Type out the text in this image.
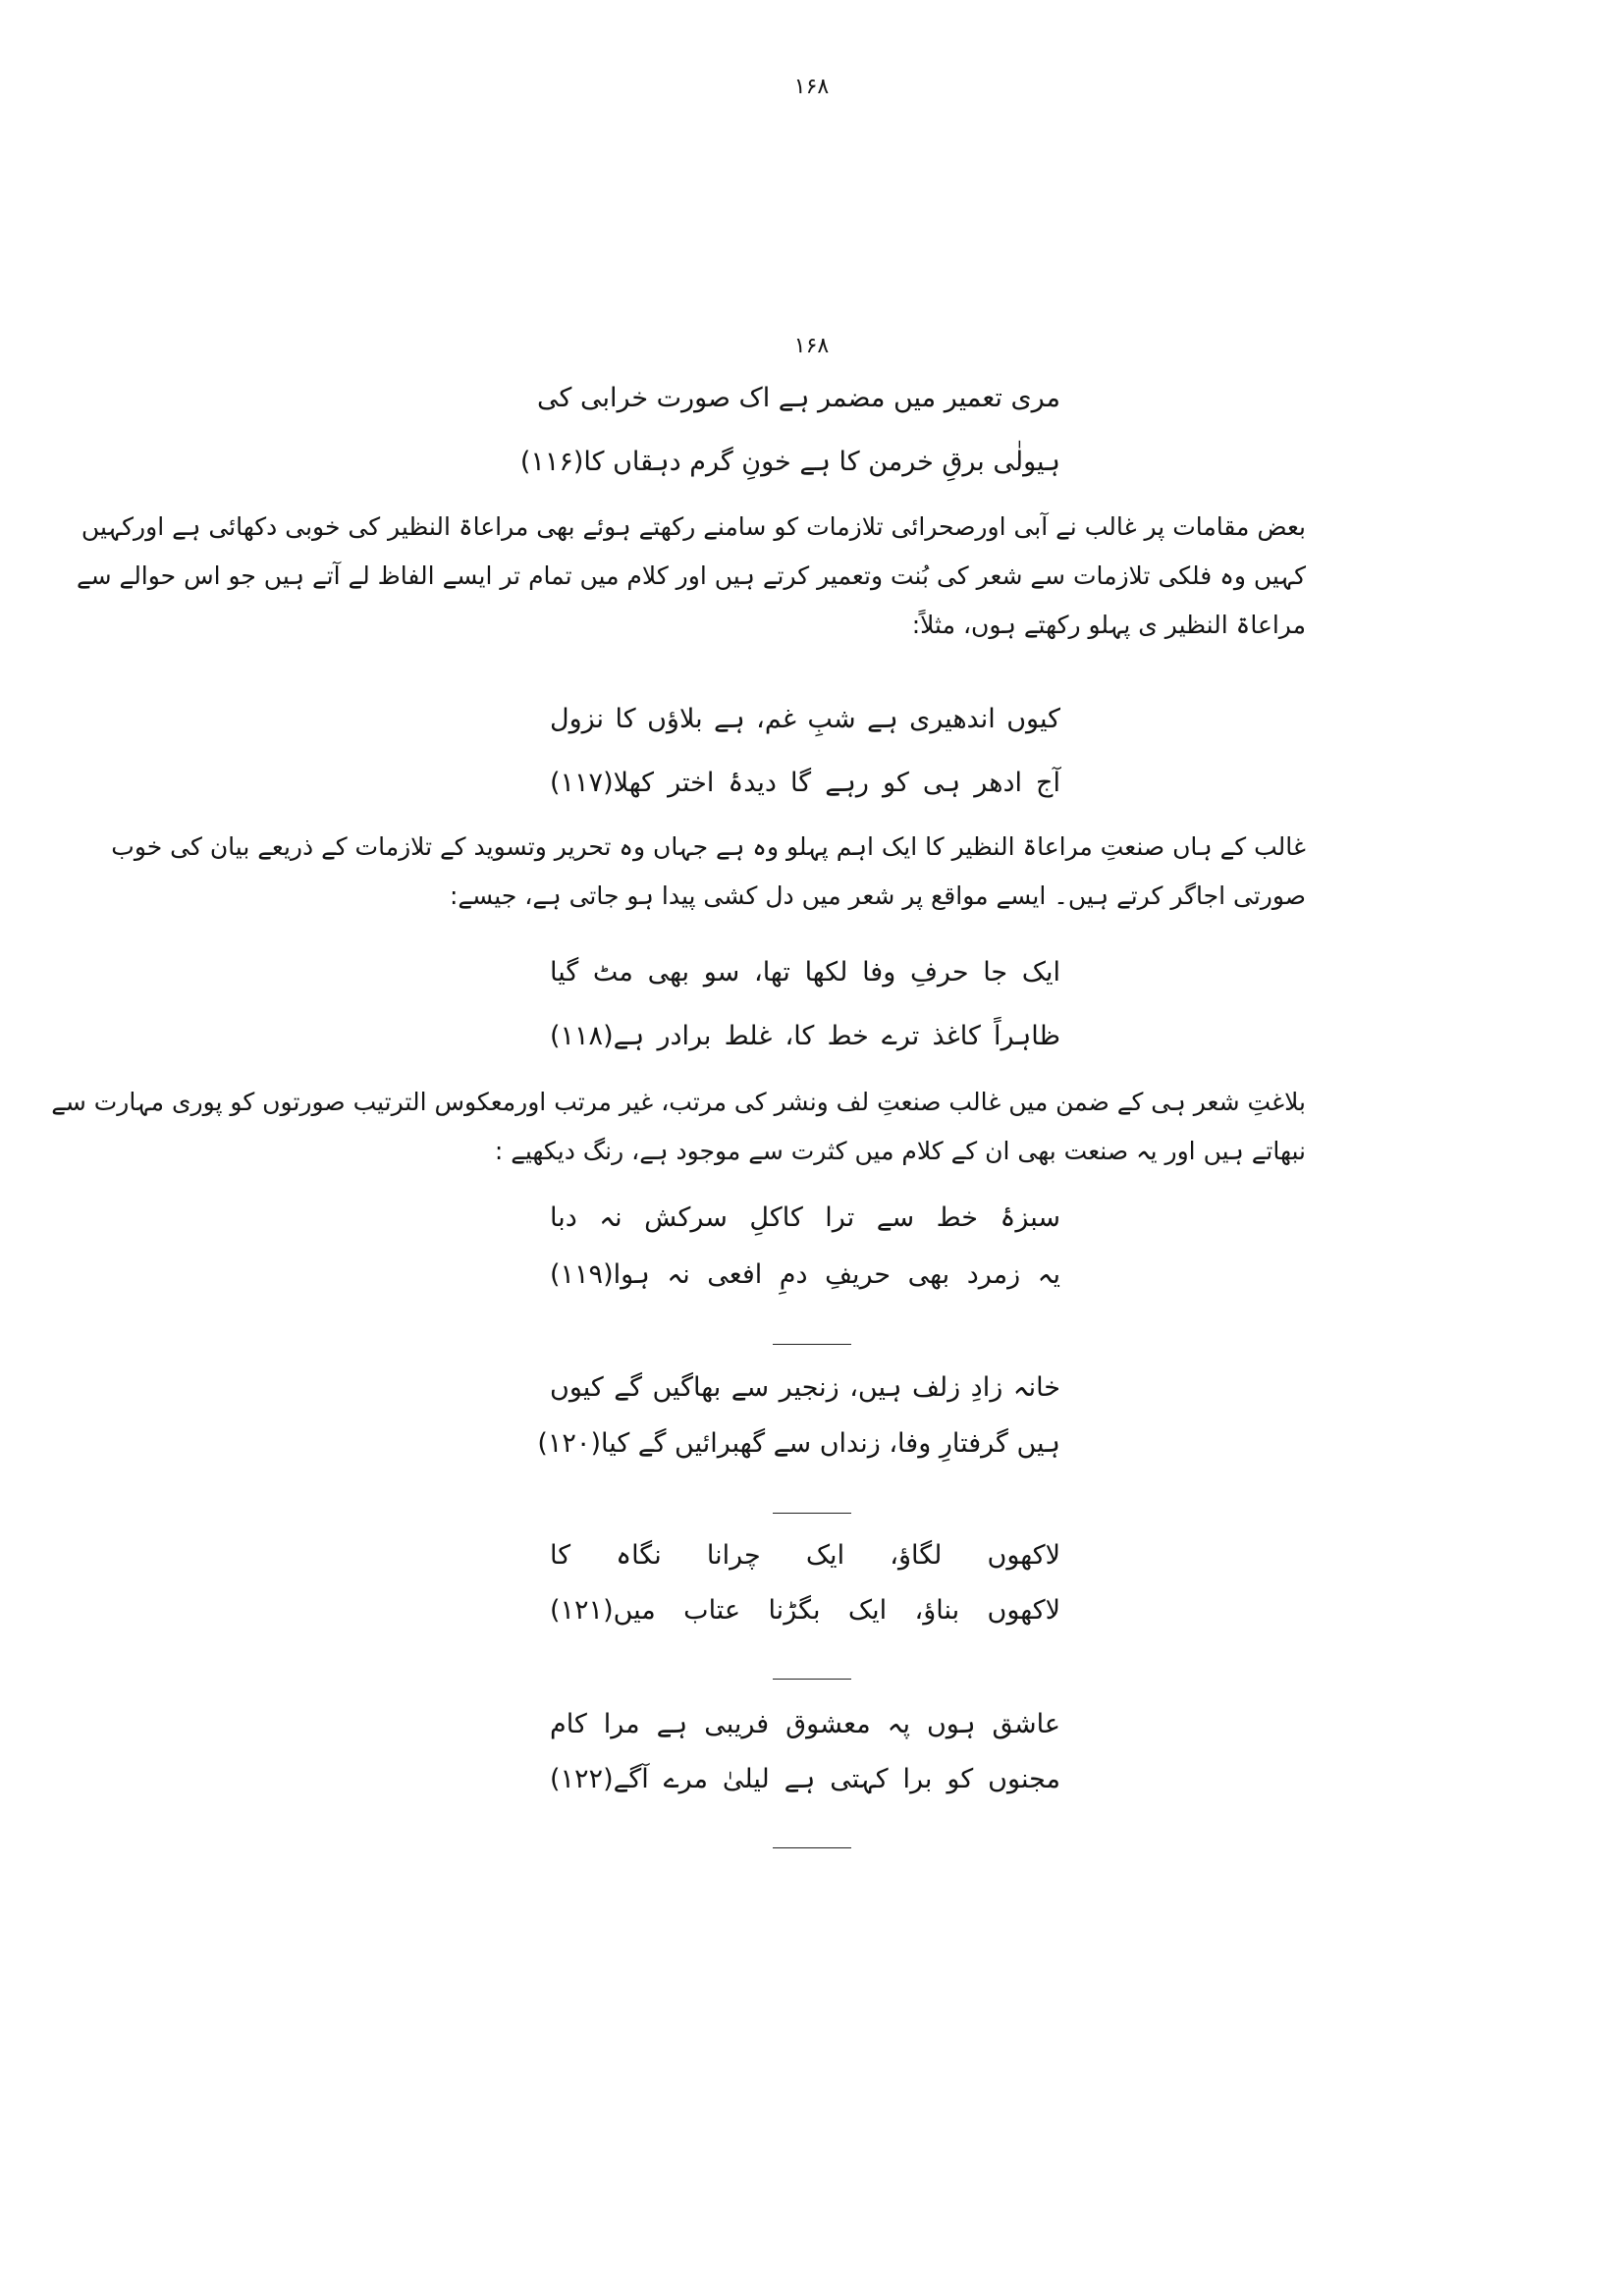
۱۶۸
۱۶۸
مری تعمیر میں مضمر ہے اک صورت خرابی کی
ہیولٰی برقِ خرمن کا ہے خونِ گرم دہقاں کا(۱۱۶)
بعض مقامات پر غالب نے آبی اورصحرائی تلازمات کو سامنے رکھتے ہوئے بھی مراعاۃ النظیر کی خوبی دکھائی ہے اورکہیں
کہیں وہ فلکی تلازمات سے شعر کی بُنت وتعمیر کرتے ہیں اور کلام میں تمام تر ایسے الفاظ لے آتے ہیں جو اس حوالے سے
مراعاۃ النظیر ی پہلو رکھتے ہوں، مثلاً:
کیوں اندھیری ہے شبِ غم، ہے بلاؤں کا نزول
آج ادھر ہی کو رہے گا دیدۂ اختر کھلا(۱۱۷)
غالب کے ہاں صنعتِ مراعاۃ النظیر کا ایک اہم پہلو وہ ہے جہاں وہ تحریر وتسوید کے تلازمات کے ذریعے بیان کی خوب
صورتی اجاگر کرتے ہیں۔ ایسے مواقع پر شعر میں دل کشی پیدا ہو جاتی ہے، جیسے:
ایک جا حرفِ وفا لکھا تھا، سو بھی مٹ گیا
ظاہراً کاغذ ترے خط کا، غلط برادر ہے(۱۱۸)
بلاغتِ شعر ہی کے ضمن میں غالب صنعتِ لف ونشر کی مرتب، غیر مرتب اورمعکوس الترتیب صورتوں کو پوری مہارت سے
نبھاتے ہیں اور یہ صنعت بھی ان کے کلام میں کثرت سے موجود ہے، رنگ دیکھیے :
سبزۂ خط سے ترا کاکلِ سرکش نہ دبا
یہ زمرد بھی حریفِ دمِ افعی نہ ہوا(۱۱۹)
خانہ زادِ زلف ہیں، زنجیر سے بھاگیں گے کیوں
ہیں گرفتارِ وفا، زنداں سے گھبرائیں گے کیا(۱۲۰)
لاکھوں لگاؤ، ایک چرانا نگاہ کا
لاکھوں بناؤ، ایک بگڑنا عتاب میں(۱۲۱)
عاشق ہوں پہ معشوق فریبی ہے مرا کام
مجنوں کو برا کہتی ہے لیلیٰ مرے آگے(۱۲۲)
